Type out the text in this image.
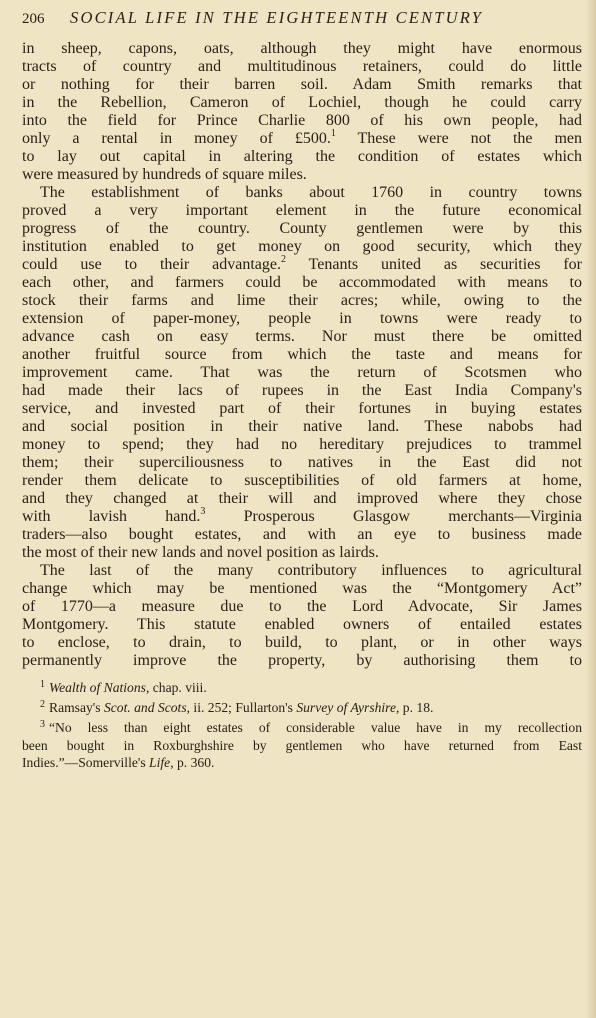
206	SOCIAL LIFE IN THE EIGHTEENTH CENTURY
in sheep, capons, oats, although they might have enormous
tracts of country and multitudinous retainers, could do little
or nothing for their barren soil. Adam Smith remarks that
in the Rebellion, Cameron of Lochiel, though he could carry
into the field for Prince Charlie 800 of his own people, had
only a rental in money of £500.$^1$ These were not the men
to lay out capital in altering the condition of estates which
were measured by hundreds of square miles.
The establishment of banks about 1760 in country towns
proved a very important element in the future economical
progress of the country. County gentlemen were by this
institution enabled to get money on good security, which they
could use to their advantage.$^2$ Tenants united as securities for
each other, and farmers could be accommodated with means to
stock their farms and lime their acres; while, owing to the
extension of paper-money, people in towns were ready to
advance cash on easy terms. Nor must there be omitted
another fruitful source from which the taste and means for
improvement came. That was the return of Scotsmen who
had made their lacs of rupees in the East India Company's
service, and invested part of their fortunes in buying estates
and social position in their native land. These nabobs had
money to spend; they had no hereditary prejudices to trammel
them; their superciliousness to natives in the East did not
render them delicate to susceptibilities of old farmers at home,
and they changed at their will and improved where they chose
with lavish hand.$^3$ Prosperous Glasgow merchants—Virginia
traders—also bought estates, and with an eye to business made
the most of their new lands and novel position as lairds.
The last of the many contributory influences to agricultural
change which may be mentioned was the “Montgomery Act”
of 1770—a measure due to the Lord Advocate, Sir James
Montgomery. This statute enabled owners of entailed estates
to enclose, to drain, to build, to plant, or in other ways
permanently improve the property, by authorising them to
$^1$ Wealth of Nations, chap. viii.
$^2$ Ramsay's Scot. and Scots, ii. 252; Fullarton's Survey of Ayrshire, p. 18.
$^3$ “No less than eight estates of considerable value have in my recollection
been bought in Roxburghshire by gentlemen who have returned from East
Indies.”—Somerville's Life, p. 360.
